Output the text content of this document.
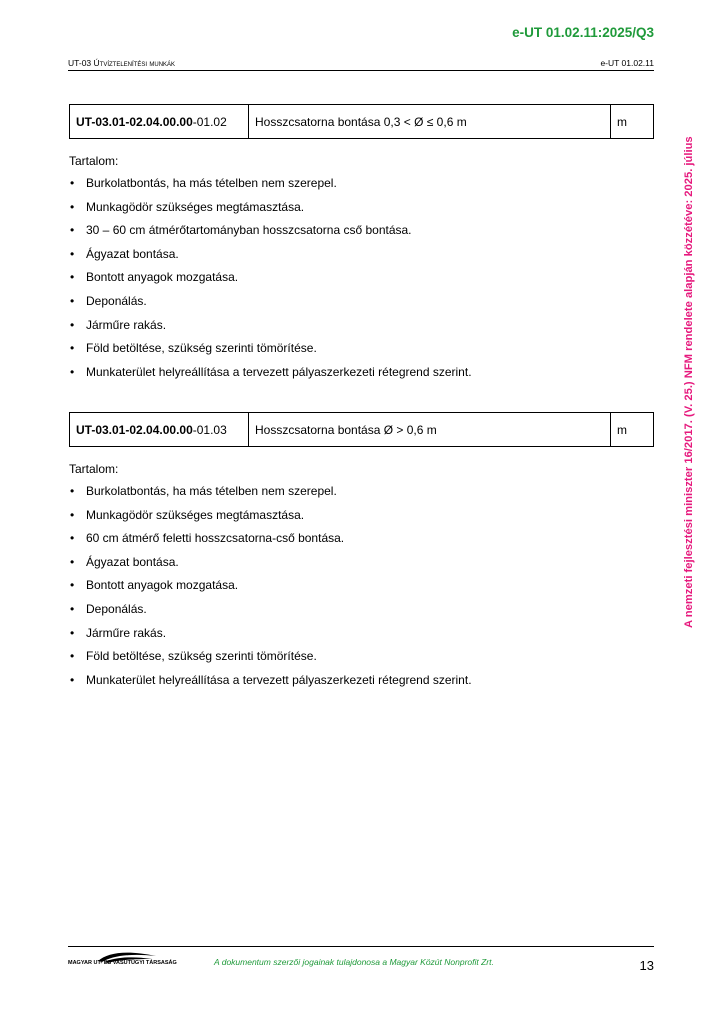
e-UT 01.02.11:2025/Q3
UT-03 Útvíztelenítési munkák	e-UT 01.02.11
A nemzeti fejlesztési miniszter 16/2017. (V. 25.) NFM rendelete alapján közzétéve: 2025. július
UT-03.01-02.04.00.00-01.02	Hosszcsatorna bontása 0,3 < Ø ≤ 0,6 m	m
Tartalom:
• Burkolatbontás, ha más tételben nem szerepel.
• Munkagödör szükséges megtámasztása.
• 30 – 60 cm átmérőtartományban hosszcsatorna cső bontása.
• Ágyazat bontása.
• Bontott anyagok mozgatása.
• Deponálás.
• Járműre rakás.
• Föld betöltése, szükség szerinti tömörítése.
• Munkaterület helyreállítása a tervezett pályaszerkezeti rétegrend szerint.
UT-03.01-02.04.00.00-01.03	Hosszcsatorna bontása Ø > 0,6 m	m
Tartalom:
• Burkolatbontás, ha más tételben nem szerepel.
• Munkagödör szükséges megtámasztása.
• 60 cm átmérő feletti hosszcsatorna-cső bontása.
• Ágyazat bontása.
• Bontott anyagok mozgatása.
• Deponálás.
• Járműre rakás.
• Föld betöltése, szükség szerinti tömörítése.
• Munkaterület helyreállítása a tervezett pályaszerkezeti rétegrend szerint.
MAGYAR UT- ÉS VASÚTÜGYI TÁRSASÁG	A dokumentum szerzői jogainak tulajdonosa a Magyar Közút Nonprofit Zrt.	13
